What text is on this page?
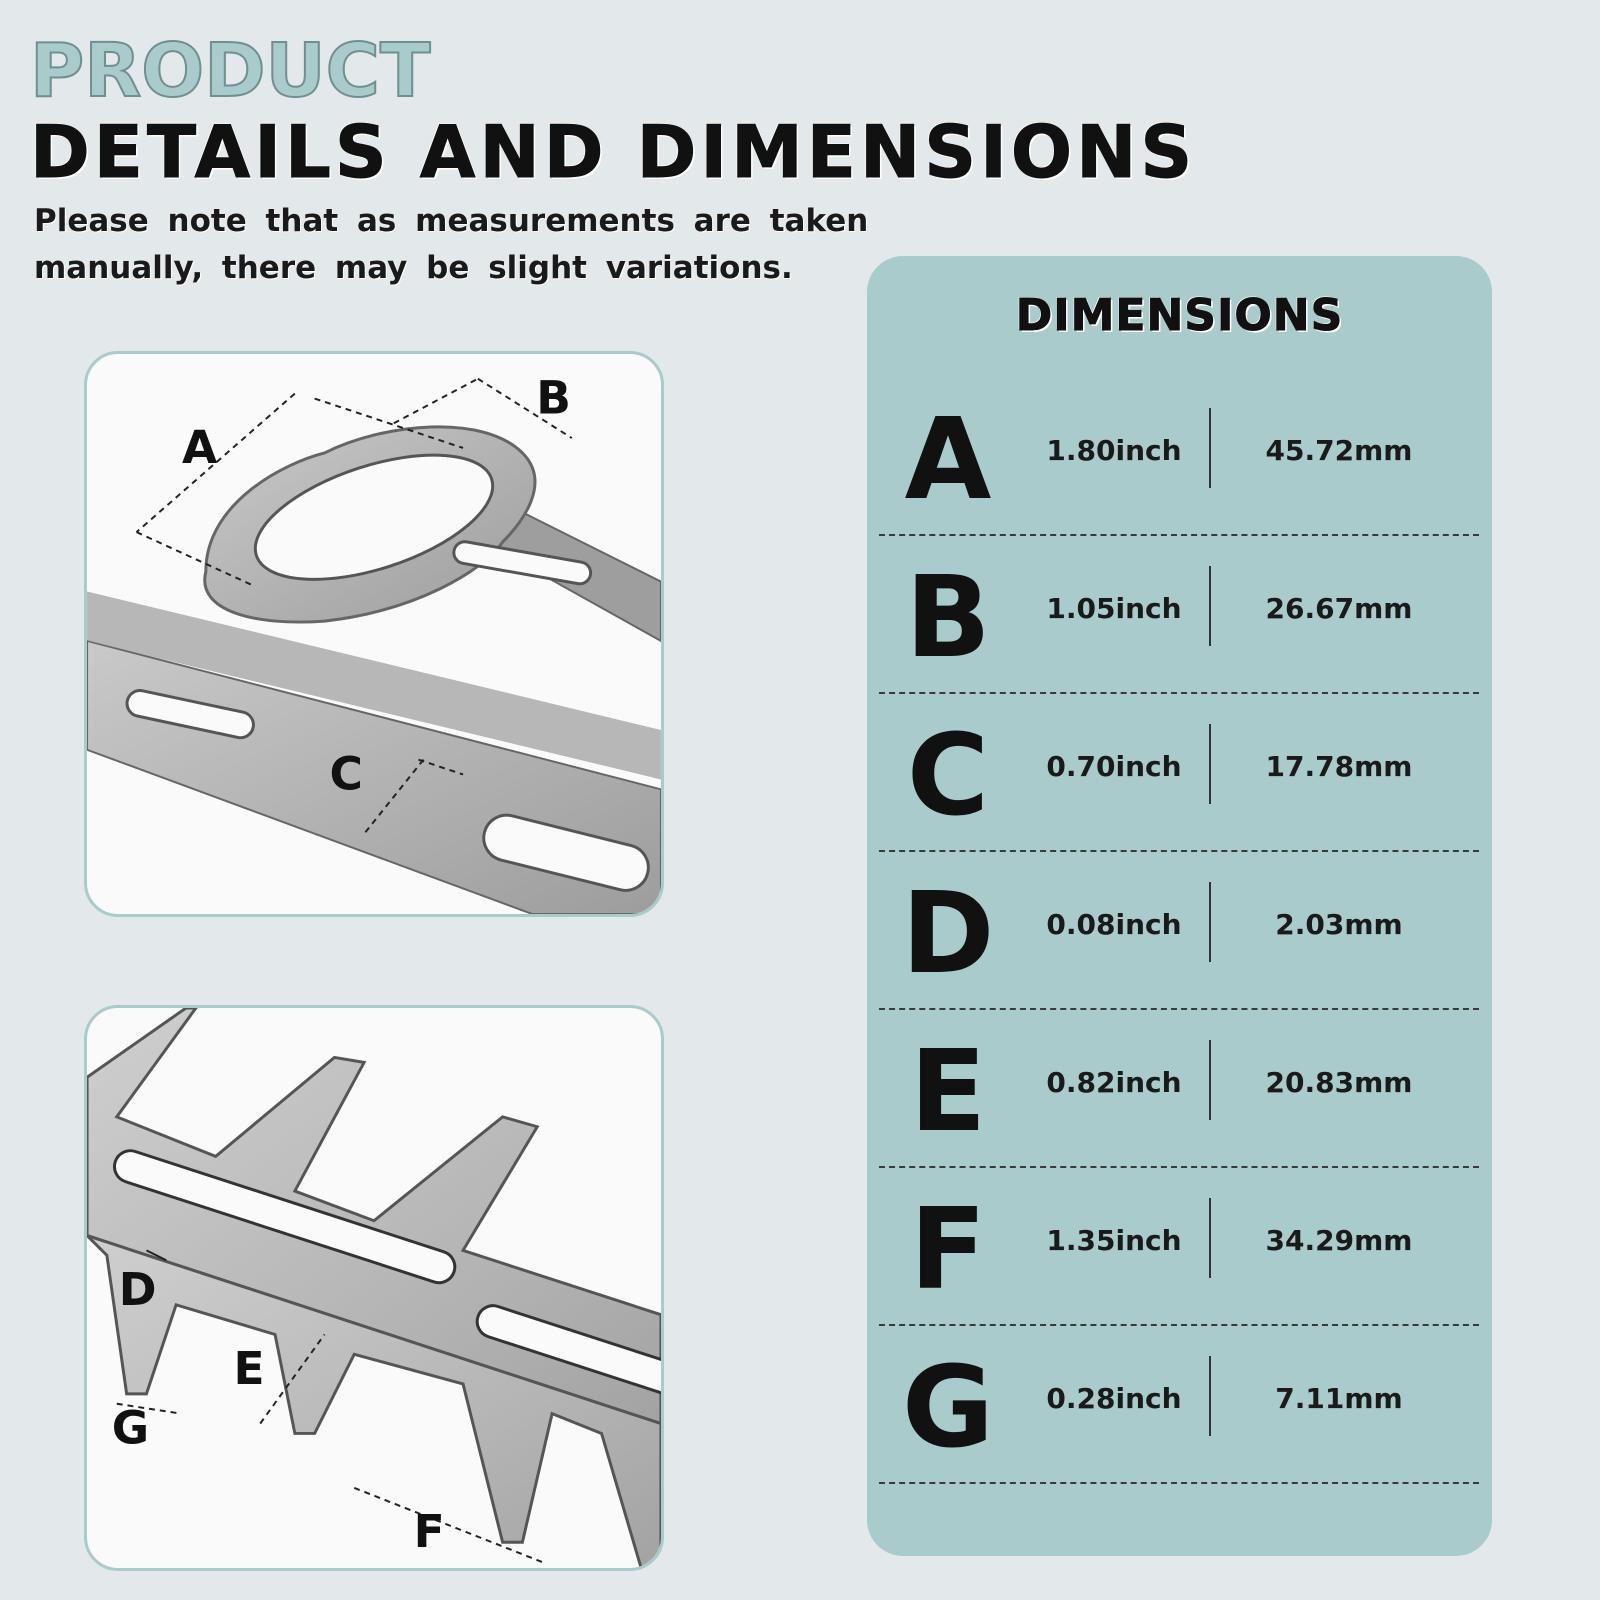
PRODUCT
DETAILS AND DIMENSIONS
Please note that as measurements are taken manually, there may be slight variations.
A
B
C
D
E
F
G
DIMENSIONS
A	1.80inch	45.72mm
B	1.05inch	26.67mm
C	0.70inch	17.78mm
D	0.08inch	2.03mm
E	0.82inch	20.83mm
F	1.35inch	34.29mm
G	0.28inch	7.11mm
